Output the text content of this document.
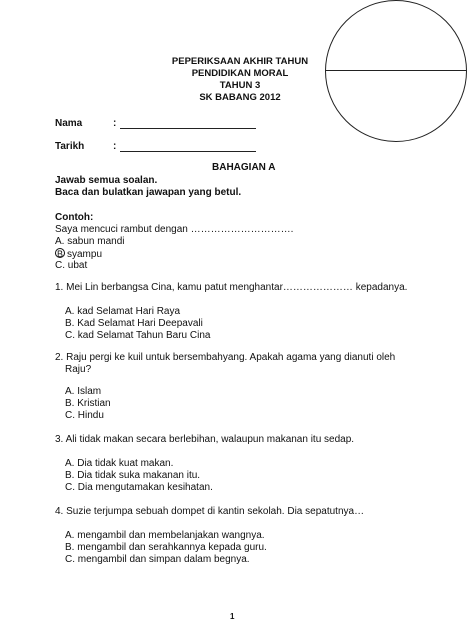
PEPERIKSAAN AKHIR TAHUN
PENDIDIKAN MORAL
TAHUN 3
SK BABANG 2012
Nama	:
Tarikh	:
BAHAGIAN A
Jawab semua soalan.
Baca dan bulatkan jawapan yang betul.
Contoh:
Saya mencuci rambut dengan ………………………….
A. sabun mandi
B syampu
C. ubat
1. Mei Lin berbangsa Cina, kamu patut menghantar………………… kepadanya.
A. kad Selamat Hari Raya
B. Kad Selamat Hari Deepavali
C. kad Selamat Tahun Baru Cina
2. Raju pergi ke kuil untuk bersembahyang. Apakah agama yang dianuti oleh
Raju?
A. Islam
B. Kristian
C. Hindu
3. Ali tidak makan secara berlebihan, walaupun makanan itu sedap.
A. Dia tidak kuat makan.
B. Dia tidak suka makanan itu.
C. Dia mengutamakan kesihatan.
4. Suzie terjumpa sebuah dompet di kantin sekolah. Dia sepatutnya…
A. mengambil dan membelanjakan wangnya.
B. mengambil dan serahkannya kepada guru.
C. mengambil dan simpan dalam begnya.
1
